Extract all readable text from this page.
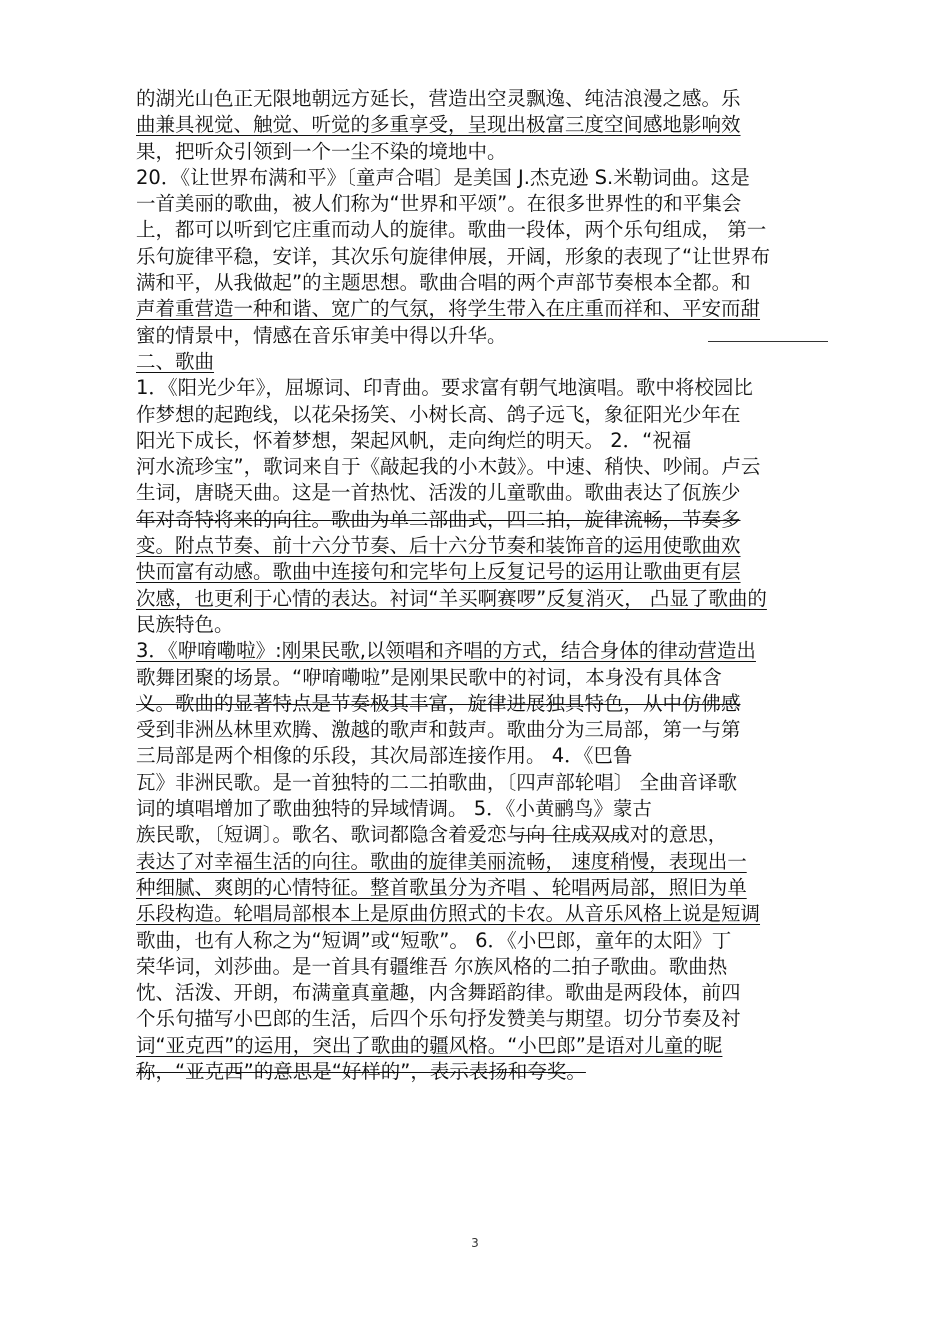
的湖光山色正无限地朝远方延长，营造出空灵飘逸、纯洁浪漫之感。乐
曲兼具视觉、触觉、听觉的多重享受，呈现出极富三度空间感地影响效
果，把听众引领到一个一尘不染的境地中。
20．《让世界布满和平》〔童声合唱〕是美国 J.杰克逊 S.米勒词曲。这是
一首美丽的歌曲，被人们称为“世界和平颂”。在很多世界性的和平集会
上，都可以听到它庄重而动人的旋律。歌曲一段体，两个乐句组成， 第一
乐句旋律平稳，安详，其次乐句旋律伸展，开阔，形象的表现了“让世界布
满和平，从我做起”的主题思想。歌曲合唱的两个声部节奏根本全都。和
声着重营造一种和谐、宽广的气氛，将学生带入在庄重而祥和、平安而甜
蜜的情景中，情感在音乐审美中得以升华。
二、歌曲
1．《阳光少年》，屈塬词、印青曲。要求富有朝气地演唱。歌中将校园比
作梦想的起跑线，以花朵扬笑、小树长高、鸽子远飞，象征阳光少年在
阳光下成长，怀着梦想，架起风帆，走向绚烂的明天。 2．“祝福
河水流珍宝”，歌词来自于《敲起我的小木鼓》。中速、稍快、吵闹。卢云
生词，唐晓天曲。这是一首热忱、活泼的儿童歌曲。歌曲表达了佤族少
年对奇特将来的向往。歌曲为单二部曲式，四二拍，旋律流畅，节奏多
变。附点节奏、前十六分节奏、后十六分节奏和装饰音的运用使歌曲欢
快而富有动感。歌曲中连接句和完毕句上反复记号的运用让歌曲更有层
次感，也更利于心情的表达。衬词“羊买啊赛啰”反复消灭， 凸显了歌曲的
民族特色。
3．《咿唷嘞啦》:刚果民歌,以领唱和齐唱的方式，结合身体的律动营造出
歌舞团聚的场景。“咿唷嘞啦”是刚果民歌中的衬词，本身没有具体含
义。歌曲的显著特点是节奏极其丰富，旋律进展独具特色，从中仿佛感
受到非洲丛林里欢腾、激越的歌声和鼓声。歌曲分为三局部，第一与第
三局部是两个相像的乐段，其次局部连接作用。 4．《巴鲁
瓦》非洲民歌。是一首独特的二二拍歌曲，〔四声部轮唱〕 全曲音译歌
词的填唱增加了歌曲独特的异域情调。 5．《小黄鹂鸟》蒙古
族民歌，〔短调〕。歌名、歌词都隐含着爱恋与向 往成双成对的意思，
表达了对幸福生活的向往。歌曲的旋律美丽流畅， 速度稍慢，表现出一
种细腻、爽朗的心情特征。整首歌虽分为齐唱 、轮唱两局部，照旧为单
乐段构造。轮唱局部根本上是原曲仿照式的卡农。从音乐风格上说是短调
歌曲，也有人称之为“短调”或“短歌”。 6．《小巴郎，童年的太阳》丁
荣华词，刘莎曲。是一首具有疆维吾 尔族风格的二拍子歌曲。歌曲热
忱、活泼、开朗，布满童真童趣，内含舞蹈韵律。歌曲是两段体，前四
个乐句描写小巴郎的生活，后四个乐句抒发赞美与期望。切分节奏及衬
词“亚克西”的运用，突出了歌曲的疆风格。“小巴郎”是语对儿童的昵
称，“亚克西”的意思是“好样的”，表示表扬和夸奖。
3
